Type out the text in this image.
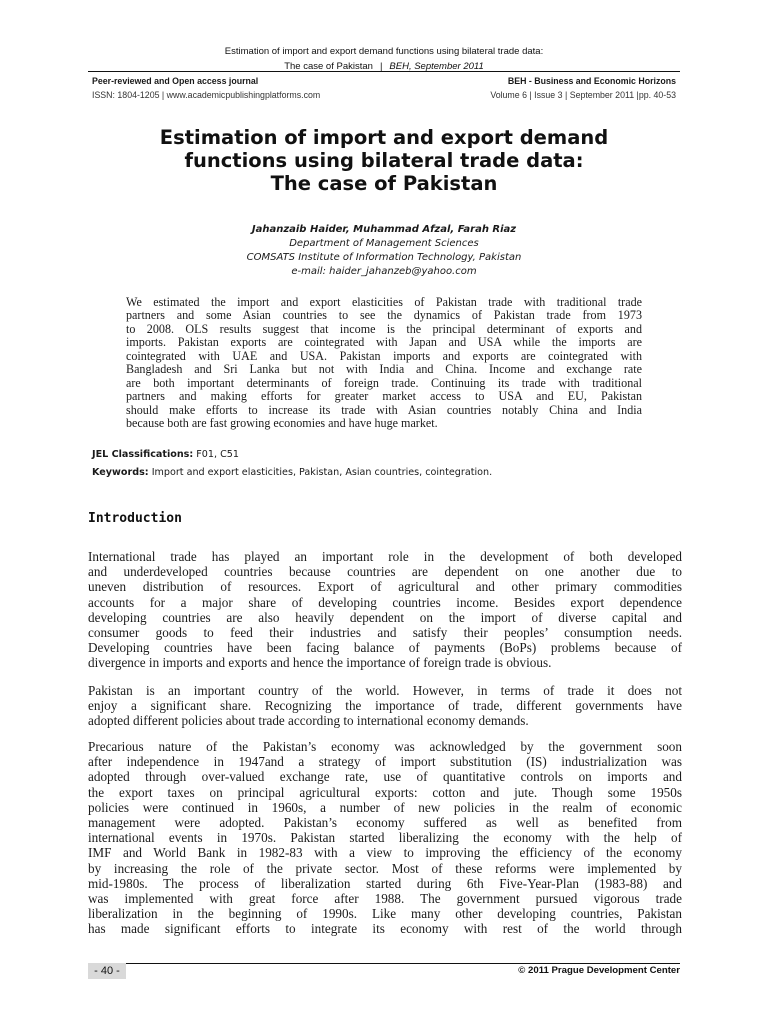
Estimation of import and export demand functions using bilateral trade data:
The case of Pakistan | BEH, September 2011
Peer-reviewed and Open access journal	BEH - Business and Economic Horizons
ISSN: 1804-1205 | www.academicpublishingplatforms.com	Volume 6 | Issue 3 | September 2011 |pp. 40-53
Estimation of import and export demand
functions using bilateral trade data:
The case of Pakistan
Jahanzaib Haider, Muhammad Afzal, Farah Riaz
Department of Management Sciences
COMSATS Institute of Information Technology, Pakistan
e-mail: haider_jahanzeb@yahoo.com
We estimated the import and export elasticities of Pakistan trade with traditional trade
partners and some Asian countries to see the dynamics of Pakistan trade from 1973
to 2008. OLS results suggest that income is the principal determinant of exports and
imports. Pakistan exports are cointegrated with Japan and USA while the imports are
cointegrated with UAE and USA. Pakistan imports and exports are cointegrated with
Bangladesh and Sri Lanka but not with India and China. Income and exchange rate
are both important determinants of foreign trade. Continuing its trade with traditional
partners and making efforts for greater market access to USA and EU, Pakistan
should make efforts to increase its trade with Asian countries notably China and India
because both are fast growing economies and have huge market.
JEL Classifications: F01, C51
Keywords: Import and export elasticities, Pakistan, Asian countries, cointegration.
Introduction
International trade has played an important role in the development of both developed
and underdeveloped countries because countries are dependent on one another due to
uneven distribution of resources. Export of agricultural and other primary commodities
accounts for a major share of developing countries income. Besides export dependence
developing countries are also heavily dependent on the import of diverse capital and
consumer goods to feed their industries and satisfy their peoples’ consumption needs.
Developing countries have been facing balance of payments (BoPs) problems because of
divergence in imports and exports and hence the importance of foreign trade is obvious.
Pakistan is an important country of the world. However, in terms of trade it does not
enjoy a significant share. Recognizing the importance of trade, different governments have
adopted different policies about trade according to international economy demands.
Precarious nature of the Pakistan’s economy was acknowledged by the government soon
after independence in 1947and a strategy of import substitution (IS) industrialization was
adopted through over-valued exchange rate, use of quantitative controls on imports and
the export taxes on principal agricultural exports: cotton and jute. Though some 1950s
policies were continued in 1960s, a number of new policies in the realm of economic
management were adopted. Pakistan’s economy suffered as well as benefited from
international events in 1970s. Pakistan started liberalizing the economy with the help of
IMF and World Bank in 1982-83 with a view to improving the efficiency of the economy
by increasing the role of the private sector. Most of these reforms were implemented by
mid-1980s. The process of liberalization started during 6th Five-Year-Plan (1983-88) and
was implemented with great force after 1988. The government pursued vigorous trade
liberalization in the beginning of 1990s. Like many other developing countries, Pakistan
has made significant efforts to integrate its economy with rest of the world through
- 40 -	© 2011 Prague Development Center
